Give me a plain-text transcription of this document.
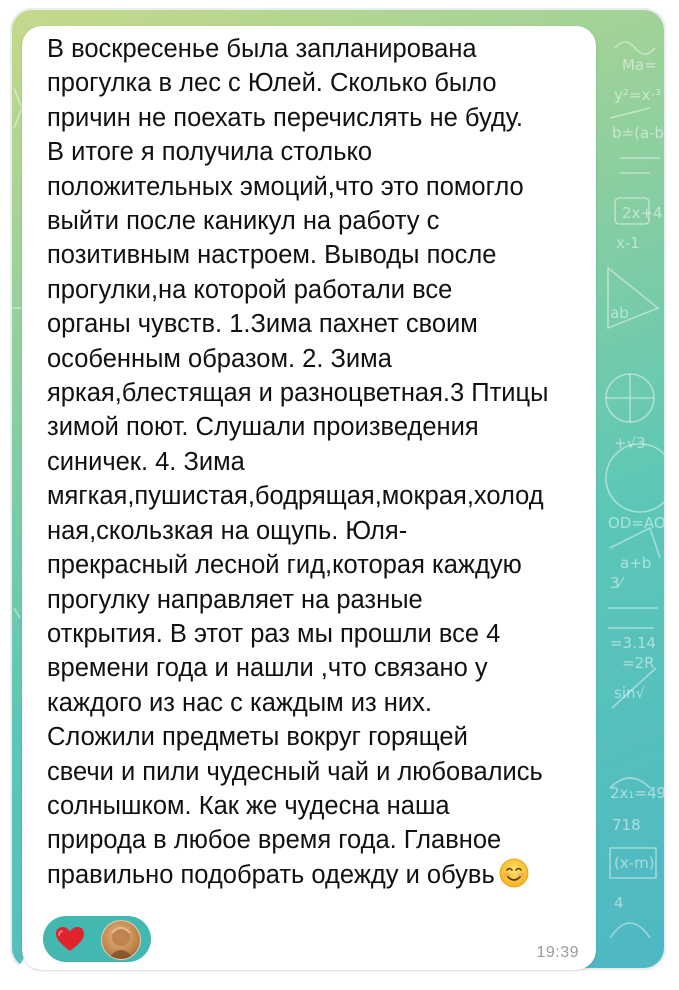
Ma=
y²=x·³
b≐(a-b
2x+4
x-1
ab
+√3
OD=AO
a+b
3⁄
=3.14
=2R
sin√
2x₁=49
718
(x-m)
4

В воскресенье была запланирована
прогулка в лес с Юлей. Сколько было
причин не поехать перечислять не буду.
В итоге я получила столько
положительных эмоций,что это помогло
выйти после каникул на работу с
позитивным настроем. Выводы после
прогулки,на которой работали все
органы чувств. 1.Зима пахнет своим
особенным образом. 2. Зима
яркая,блестящая и разноцветная.3 Птицы
зимой поют. Слушали произведения
синичек. 4. Зима
мягкая,пушистая,бодрящая,мокрая,холод
ная,скользкая на ощупь. Юля-
прекрасный лесной гид,которая каждую
прогулку направляет на разные
открытия. В этот раз мы прошли все 4
времени года и нашли ,что связано у
каждого из нас с каждым из них.
Сложили предметы вокруг горящей
свечи и пили чудесный чай и любовались
солнышком. Как же чудесна наша
природа в любое время года. Главное
правильно подобрать одежду и обувь

19:39
